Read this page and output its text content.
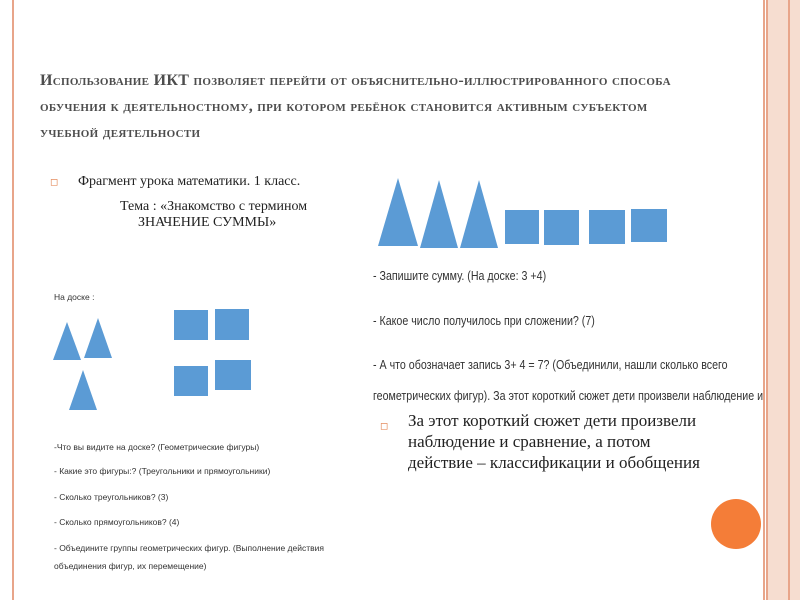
Использование ИКТ позволяет перейти от объяснительно-иллюстрированного способа обучения к деятельностному, при котором ребёнок становится активным субъектом учебной деятельности
◻ Фрагмент урока математики. 1 класс.
Тема : «Знакомство с термином
ЗНАЧЕНИЕ СУММЫ»
На доске :
-Что вы видите на доске? (Геометрические фигуры)
- Какие это фигуры:? (Треугольники и прямоугольники)
- Сколько треугольников? (3)
- Сколько прямоугольников? (4)
- Объедините группы геометрических фигур. (Выполнение действия
объединения фигур, их перемещение)
- Запишите сумму. (На доске: 3 +4)
- Какое число получилось при сложении? (7)
- А что обозначает запись 3+ 4 = 7? (Объединили, нашли сколько всего
геометрических фигур). За этот короткий сюжет дети произвели наблюдение и
◻ За этот короткий сюжет дети произвели наблюдение и сравнение, а потом действие – классификации и обобщения
